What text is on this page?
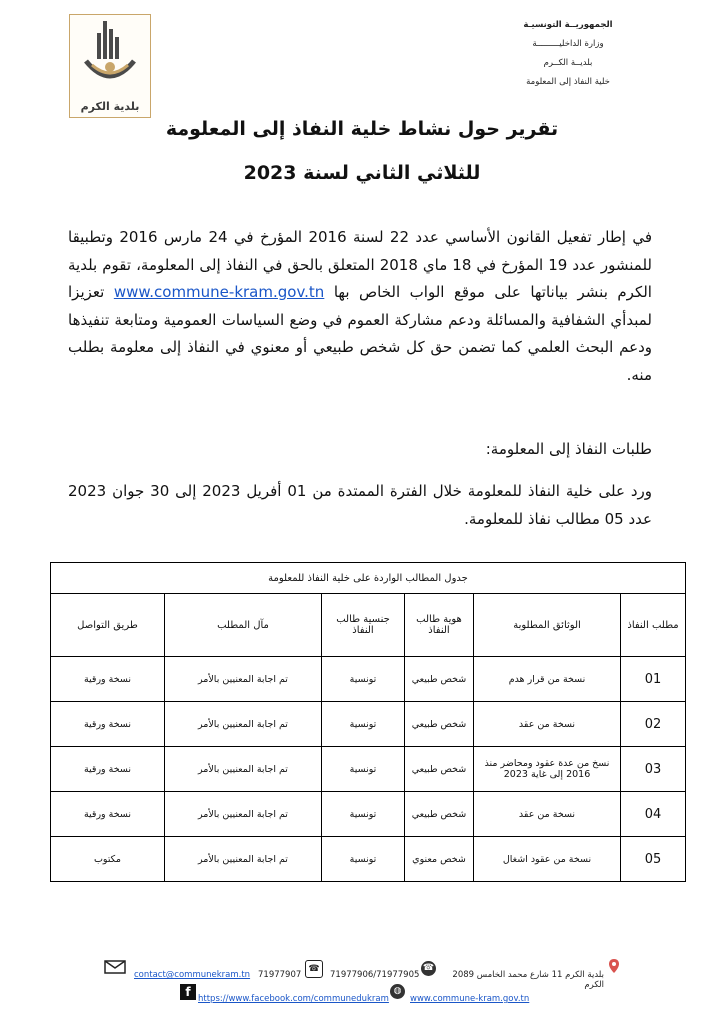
بلدية الكرم
الجمهوريــة التونسيـة
وزارة الداخليـــــــــة
بلديــة الكــرم
خلية النفاذ إلى المعلومة
تقرير حول نشاط خلية النفاذ إلى المعلومة
للثلاثي الثاني لسنة 2023
في إطار تفعيل القانون الأساسي عدد 22 لسنة 2016 المؤرخ في 24 مارس 2016 وتطبيقا للمنشور عدد 19 المؤرخ في 18 ماي 2018 المتعلق بالحق في النفاذ إلى المعلومة، تقوم بلدية الكرم بنشر بياناتها على موقع الواب الخاص بها www.commune-kram.gov.tn تعزيزا لمبدأي الشفافية والمسائلة ودعم مشاركة العموم في وضع السياسات العمومية ومتابعة تنفيذها ودعم البحث العلمي كما تضمن حق كل شخص طبيعي أو معنوي في النفاذ إلى معلومة بطلب منه.
طلبات النفاذ إلى المعلومة:
ورد على خلية النفاذ للمعلومة خلال الفترة الممتدة من 01 أفريل 2023 إلى 30 جوان 2023 عدد 05 مطالب نفاذ للمعلومة.
جدول المطالب الواردة على خلية النفاذ للمعلومة					
مطلب النفاذ	الوثائق المطلوبة	هوية طالب النفاذ	جنسية طالب النفاذ	مآل المطلب	طريق التواصل
01	نسخة من قرار هدم	شخص طبيعي	تونسية	تم اجابة المعنيين بالأمر	نسخة ورقية
02	نسخة من عقد	شخص طبيعي	تونسية	تم اجابة المعنيين بالأمر	نسخة ورقية
03	نسخ من عدة عقود ومحاضر منذ 2016 إلى غاية 2023	شخص طبيعي	تونسية	تم اجابة المعنيين بالأمر	نسخة ورقية
04	نسخة من عقد	شخص طبيعي	تونسية	تم اجابة المعنيين بالأمر	نسخة ورقية
05	نسخة من عقود اشغال	شخص معنوي	تونسية	تم اجابة المعنيين بالأمر	مكتوب
contact@communekram.tn 71977907
☎
71977906/71977905
☎
بلدية الكرم 11 شارع محمد الخامس 2089 الكرم
f https://www.facebook.com/communedukram
◍
www.commune-kram.gov.tn
